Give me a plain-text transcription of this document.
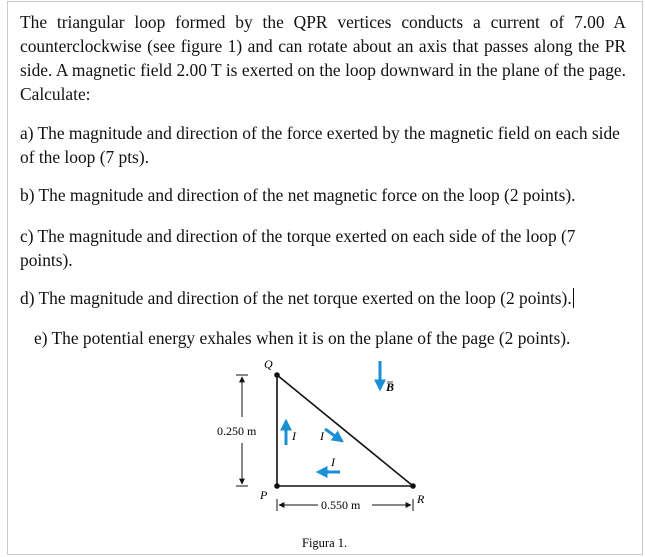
The triangular loop formed by the QPR vertices conducts a current of 7.00 A counterclockwise (see figure 1) and can rotate about an axis that passes along the PR side. A magnetic field 2.00 T is exerted on the loop downward in the plane of the page. Calculate:

a) The magnitude and direction of the force exerted by the magnetic field on each side of the loop (7 pts).

b) The magnitude and direction of the net magnetic force on the loop (2 points).

c) The magnitude and direction of the torque exerted on each side of the loop (7 points).

d) The magnitude and direction of the net torque exerted on the loop (2 points).

e) The potential energy exhales when it is on the plane of the page (2 points).

Q
P	R
B
I I
I
0.250 m
0.550 m
Figura 1.
